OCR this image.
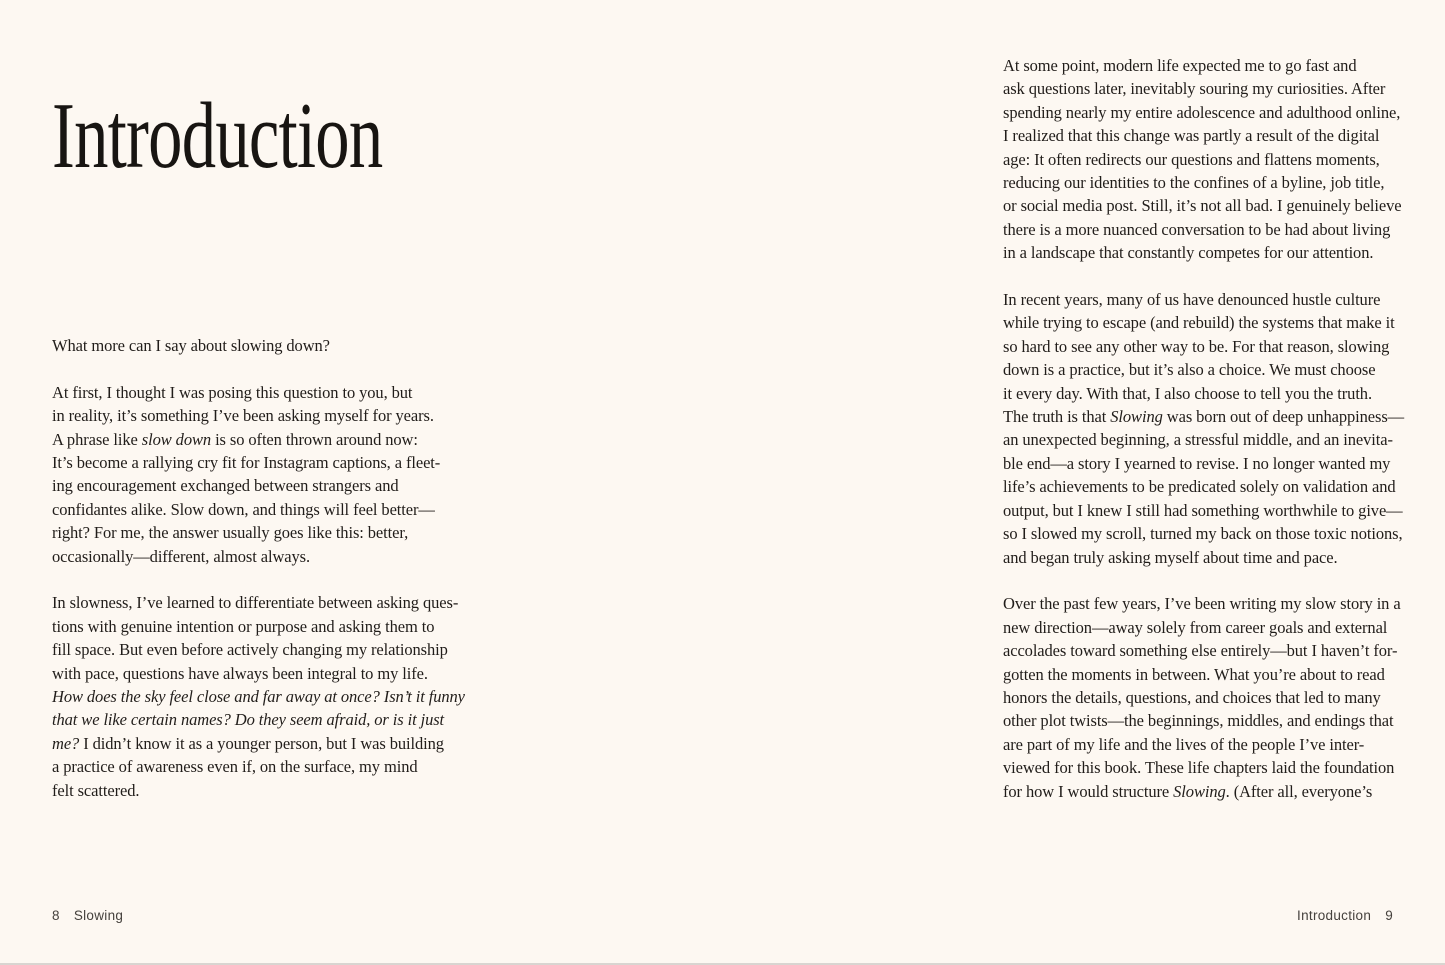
Introduction
What more can I say about slowing down?
At first, I thought I was posing this question to you, but
in reality, it’s something I’ve been asking myself for years.
A phrase like slow down is so often thrown around now:
It’s become a rallying cry fit for Instagram captions, a fleet-
ing encouragement exchanged between strangers and
confidantes alike. Slow down, and things will feel better—
right? For me, the answer usually goes like this: better,
occasionally—different, almost always.
In slowness, I’ve learned to differentiate between asking ques-
tions with genuine intention or purpose and asking them to
fill space. But even before actively changing my relationship
with pace, questions have always been integral to my life.
How does the sky feel close and far away at once? Isn’t it funny
that we like certain names? Do they seem afraid, or is it just
me? I didn’t know it as a younger person, but I was building
a practice of awareness even if, on the surface, my mind
felt scattered.
8 Slowing
At some point, modern life expected me to go fast and
ask questions later, inevitably souring my curiosities. After
spending nearly my entire adolescence and adulthood online,
I realized that this change was partly a result of the digital
age: It often redirects our questions and flattens moments,
reducing our identities to the confines of a byline, job title,
or social media post. Still, it’s not all bad. I genuinely believe
there is a more nuanced conversation to be had about living
in a landscape that constantly competes for our attention.
In recent years, many of us have denounced hustle culture
while trying to escape (and rebuild) the systems that make it
so hard to see any other way to be. For that reason, slowing
down is a practice, but it’s also a choice. We must choose
it every day. With that, I also choose to tell you the truth.
The truth is that Slowing was born out of deep unhappiness—
an unexpected beginning, a stressful middle, and an inevita-
ble end—a story I yearned to revise. I no longer wanted my
life’s achievements to be predicated solely on validation and
output, but I knew I still had something worthwhile to give—
so I slowed my scroll, turned my back on those toxic notions,
and began truly asking myself about time and pace.
Over the past few years, I’ve been writing my slow story in a
new direction—away solely from career goals and external
accolades toward something else entirely—but I haven’t for-
gotten the moments in between. What you’re about to read
honors the details, questions, and choices that led to many
other plot twists—the beginnings, middles, and endings that
are part of my life and the lives of the people I’ve inter-
viewed for this book. These life chapters laid the foundation
for how I would structure Slowing. (After all, everyone’s
Introduction 9
